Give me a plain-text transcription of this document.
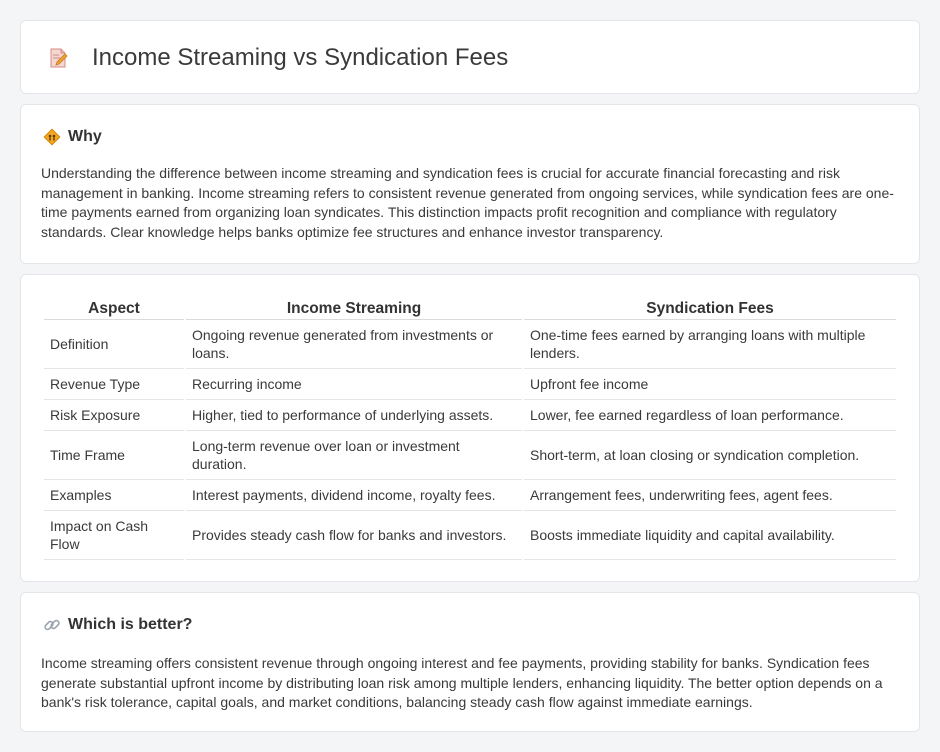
Income Streaming vs Syndication Fees
Why

Understanding the difference between income streaming and syndication fees is crucial for accurate financial forecasting and risk management in banking. Income streaming refers to consistent revenue generated from ongoing services, while syndication fees are one-time payments earned from organizing loan syndicates. This distinction impacts profit recognition and compliance with regulatory standards. Clear knowledge helps banks optimize fee structures and enhance investor transparency.

Aspect	Income Streaming	Syndication Fees
Definition	Ongoing revenue generated from investments or loans.	One-time fees earned by arranging loans with multiple lenders.
Revenue Type	Recurring income	Upfront fee income
Risk Exposure	Higher, tied to performance of underlying assets.	Lower, fee earned regardless of loan performance.
Time Frame	Long-term revenue over loan or investment duration.	Short-term, at loan closing or syndication completion.
Examples	Interest payments, dividend income, royalty fees.	Arrangement fees, underwriting fees, agent fees.
Impact on Cash Flow	Provides steady cash flow for banks and investors.	Boosts immediate liquidity and capital availability.
Which is better?

Income streaming offers consistent revenue through ongoing interest and fee payments, providing stability for banks. Syndication fees generate substantial upfront income by distributing loan risk among multiple lenders, enhancing liquidity. The better option depends on a bank's risk tolerance, capital goals, and market conditions, balancing steady cash flow against immediate earnings.
